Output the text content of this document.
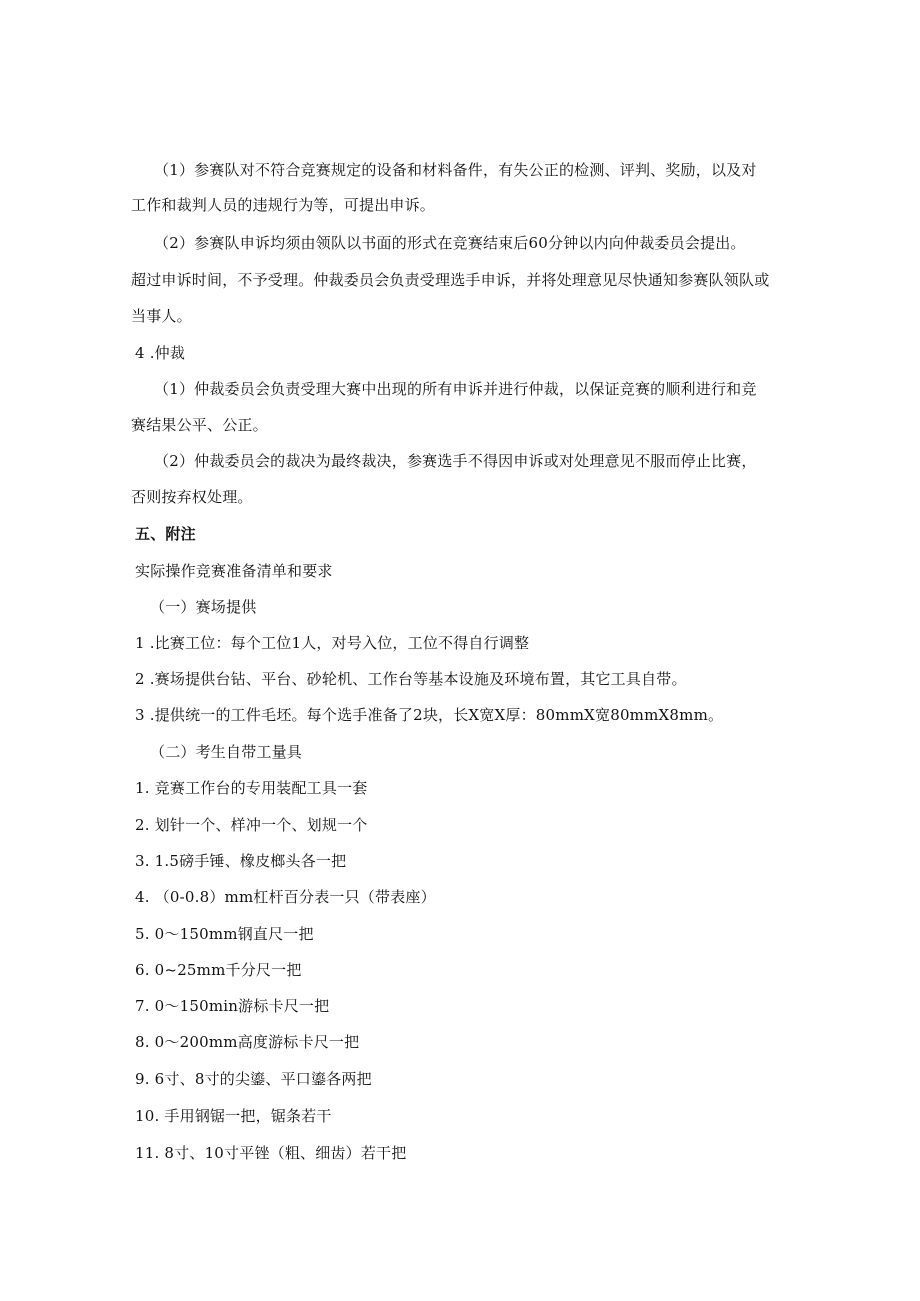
（1）参赛队对不符合竞赛规定的设备和材料备件，有失公正的检测、评判、奖励，以及对
工作和裁判人员的违规行为等，可提出申诉。
（2）参赛队申诉均须由领队以书面的形式在竞赛结束后60分钟以内向仲裁委员会提出。
超过申诉时间，不予受理。仲裁委员会负责受理选手申诉，并将处理意见尽快通知参赛队领队或
当事人。
4 .仲裁
（1）仲裁委员会负责受理大赛中出现的所有申诉并进行仲裁，以保证竞赛的顺利进行和竞
赛结果公平、公正。
（2）仲裁委员会的裁决为最终裁决，参赛选手不得因申诉或对处理意见不服而停止比赛，
否则按弃权处理。
五、附注
实际操作竞赛准备清单和要求
（一）赛场提供
1 .比赛工位：每个工位1人，对号入位，工位不得自行调整
2 .赛场提供台钻、平台、砂轮机、工作台等基本设施及环境布置，其它工具自带。
3 .提供统一的工件毛坯。每个选手准备了2块，长X宽X厚：80mmX宽80mmX8mm。
（二）考生自带工量具
1. 竞赛工作台的专用装配工具一套
2. 划针一个、样冲一个、划规一个
3. 1.5磅手锤、橡皮榔头各一把
4. （0-0.8）mm杠杆百分表一只（带表座）
5. 0～150mm钢直尺一把
6. 0~25mm千分尺一把
7. 0～150min游标卡尺一把
8. 0～200mm高度游标卡尺一把
9. 6寸、8寸的尖鎏、平口鎏各两把
10. 手用钢锯一把，锯条若干
11. 8寸、10寸平锉（粗、细齿）若干把
